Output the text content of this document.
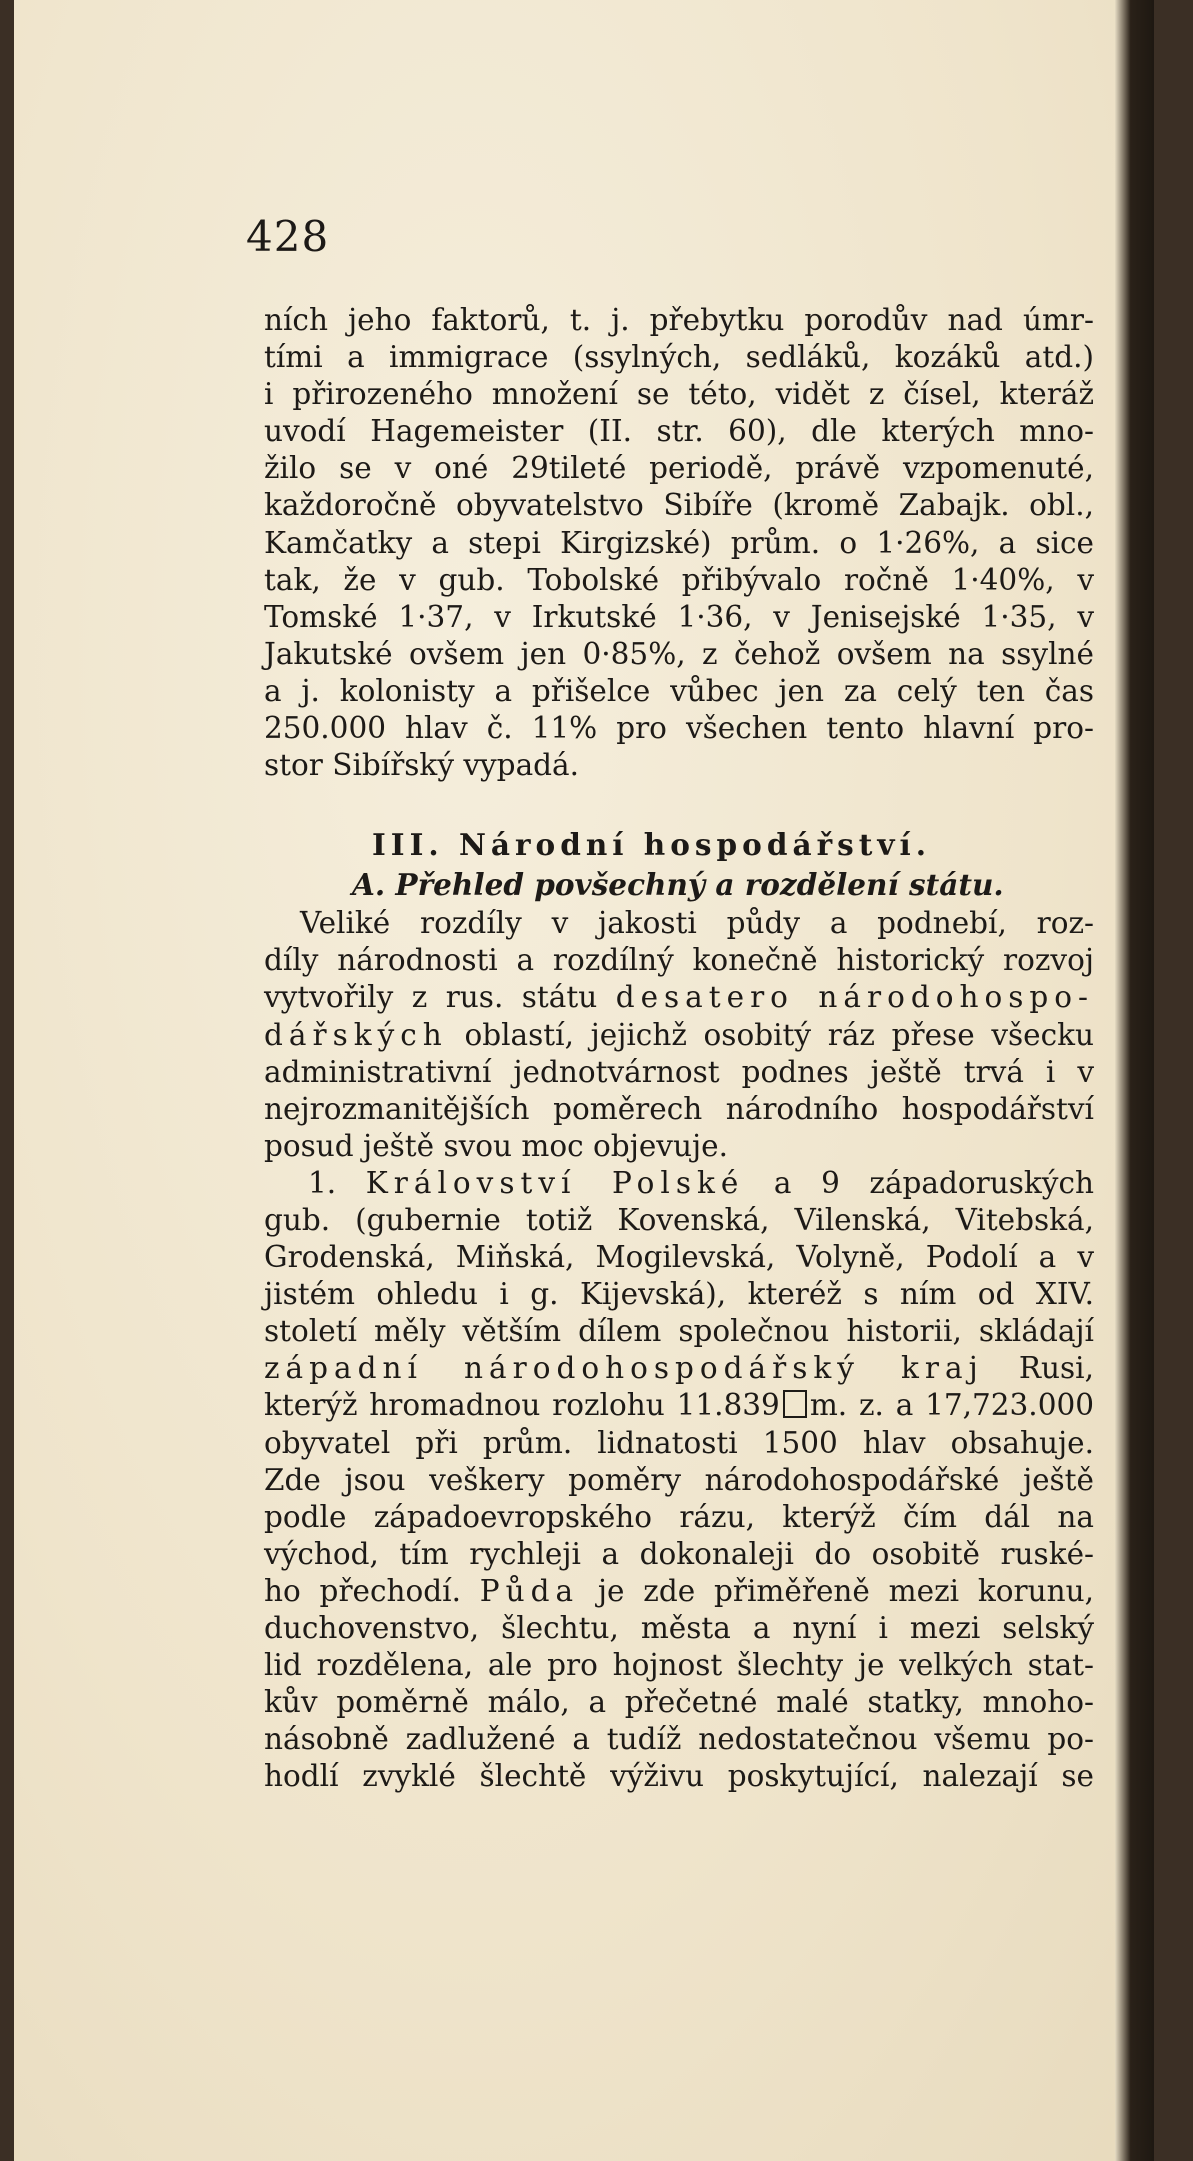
428
ních jeho faktorů, t. j. přebytku porodův nad úmr-
tími a immigrace (ssylných, sedláků, kozáků atd.)
i přirozeného množení se této, vidět z čísel, kteráž
uvodí Hagemeister (II. str. 60), dle kterých mno-
žilo se v oné 29tileté periodě, právě vzpomenuté,
každoročně obyvatelstvo Sibíře (kromě Zabajk. obl.,
Kamčatky a stepi Kirgizské) prům. o 1·26%, a sice
tak, že v gub. Tobolské přibývalo ročně 1·40%, v
Tomské 1·37, v Irkutské 1·36, v Jenisejské 1·35, v
Jakutské ovšem jen 0·85%, z čehož ovšem na ssylné
a j. kolonisty a přišelce vůbec jen za celý ten čas
250.000 hlav č. 11% pro všechen tento hlavní pro-
stor Sibířský vypadá.
III. Národní hospodářství.
A. Přehled povšechný a rozdělení státu.
Veliké rozdíly v jakosti půdy a podnebí, roz-
díly národnosti a rozdílný konečně historický rozvoj
vytvořily z rus. státu desatero národohospo-
dářských oblastí, jejichž osobitý ráz přese všecku
administrativní jednotvárnost podnes ještě trvá i v
nejrozmanitějších poměrech národního hospodářství
posud ještě svou moc objevuje.
1. Království Polské a 9 západoruských
gub. (gubernie totiž Kovenská, Vilenská, Vitebská,
Grodenská, Miňská, Mogilevská, Volyně, Podolí a v
jistém ohledu i g. Kijevská), kteréž s ním od XIV.
století měly větším dílem společnou historii, skládají
západní národohospodářský kraj Rusi,
kterýž hromadnou rozlohu 11.839 m. z. a 17,723.000
obyvatel při prům. lidnatosti 1500 hlav obsahuje.
Zde jsou veškery poměry národohospodářské ještě
podle západoevropského rázu, kterýž čím dál na
východ, tím rychleji a dokonaleji do osobitě ruské-
ho přechodí. Půda je zde přiměřeně mezi korunu,
duchovenstvo, šlechtu, města a nyní i mezi selský
lid rozdělena, ale pro hojnost šlechty je velkých stat-
kův poměrně málo, a přečetné malé statky, mnoho-
násobně zadlužené a tudíž nedostatečnou všemu po-
hodlí zvyklé šlechtě výživu poskytující, nalezají se
